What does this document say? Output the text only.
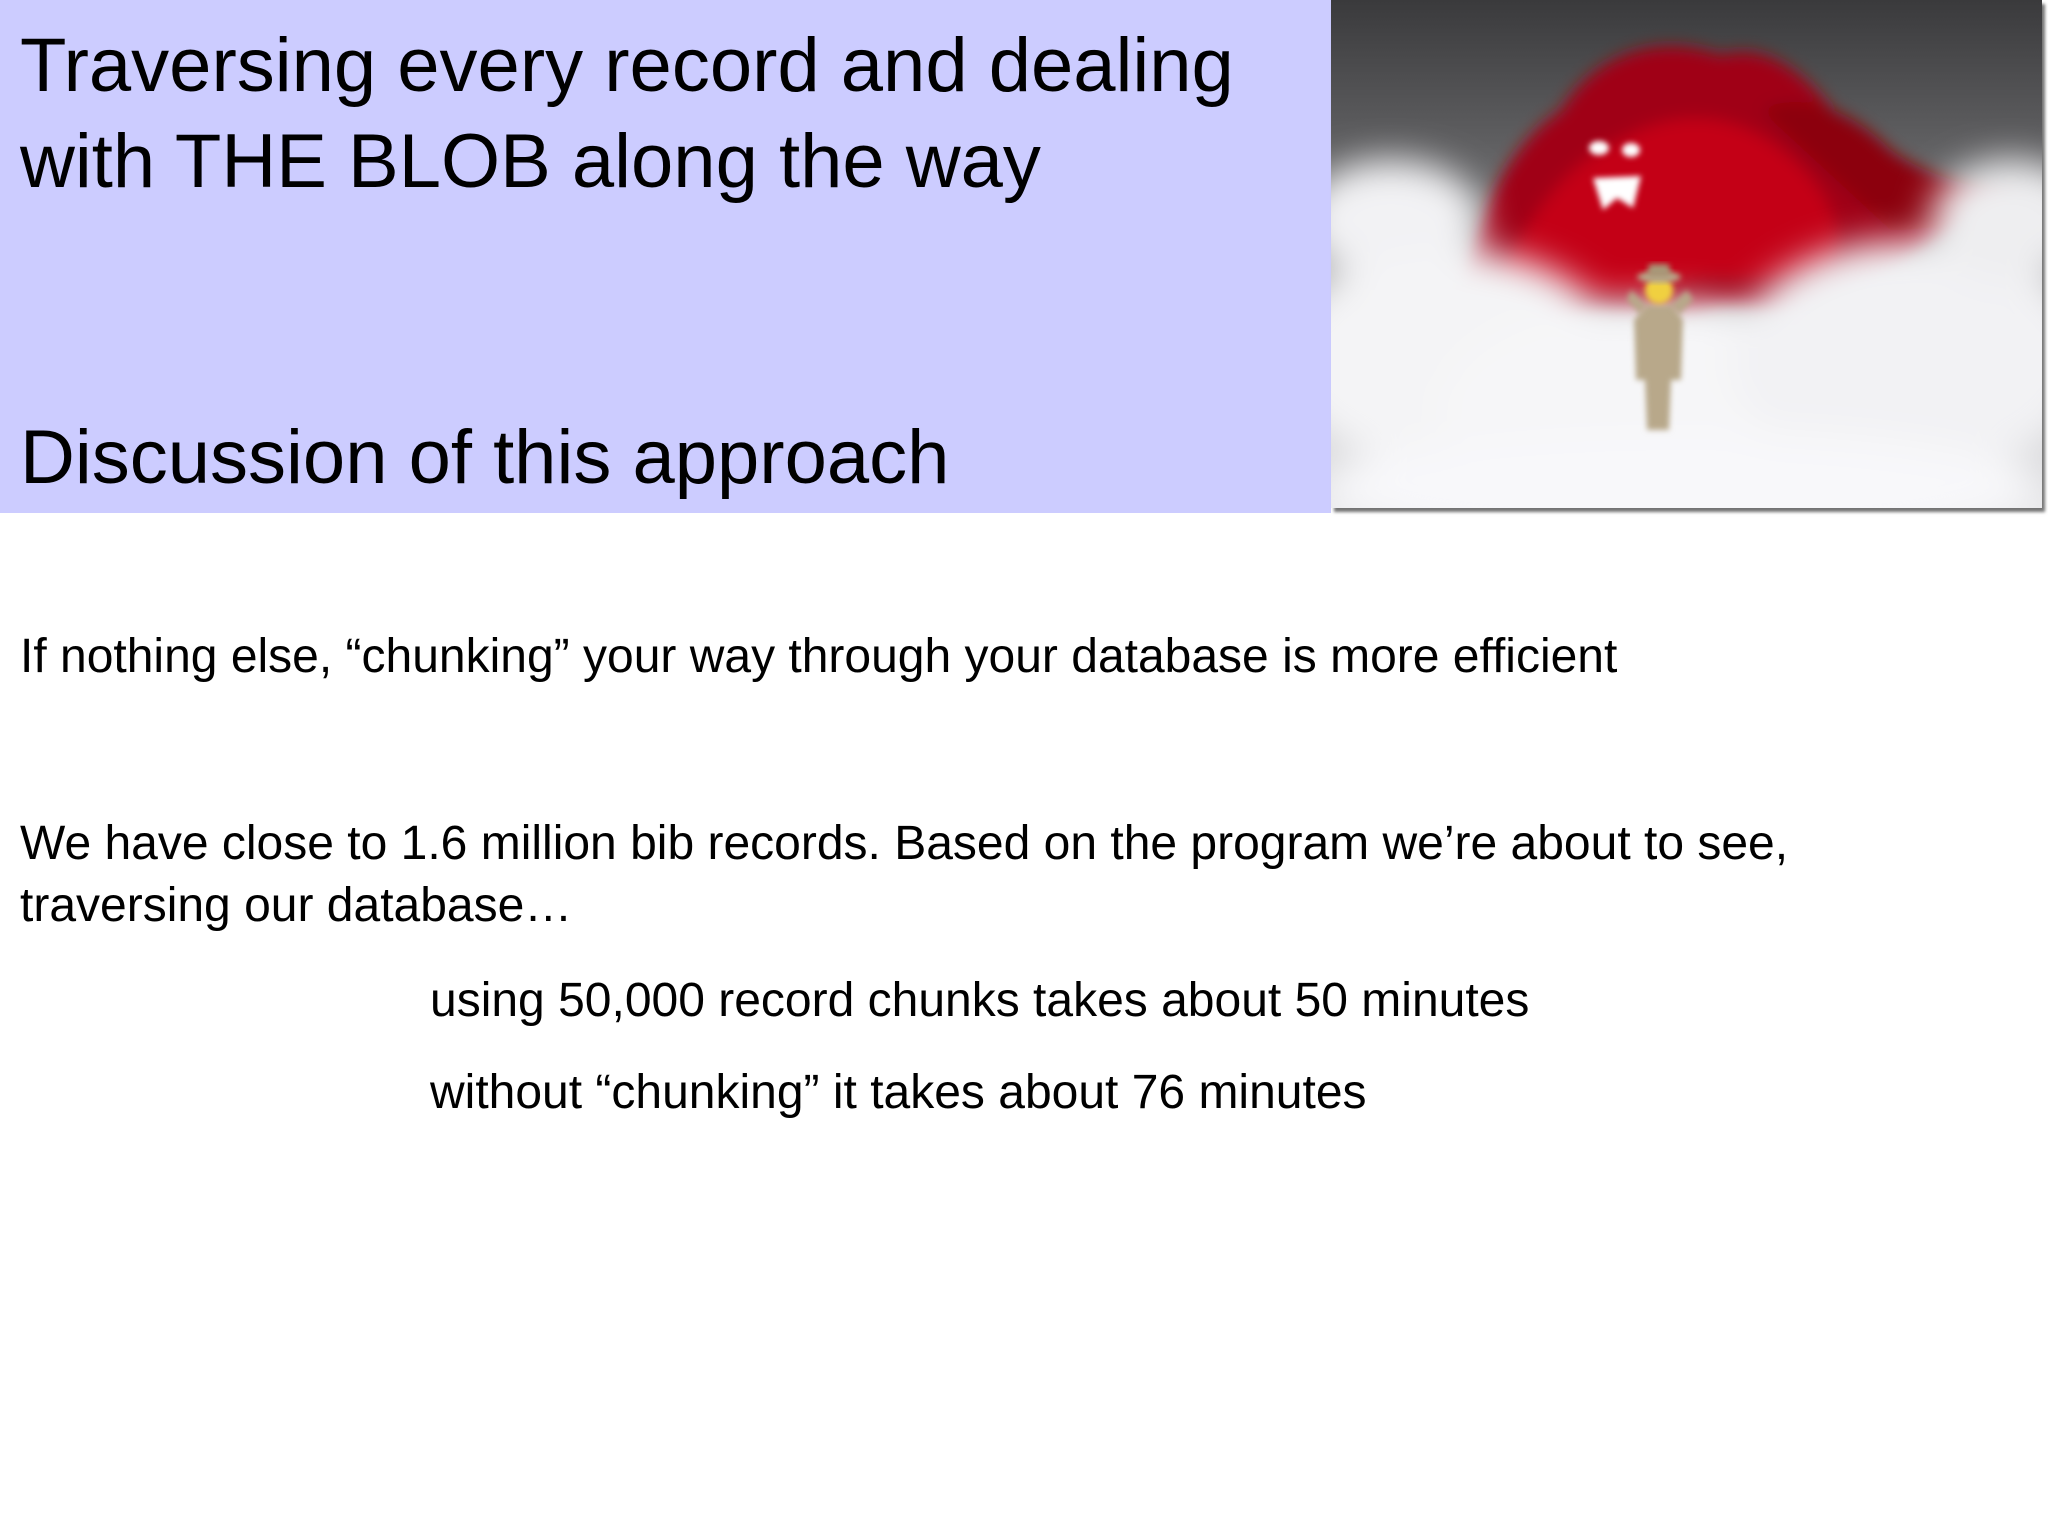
Traversing every record and dealing
with THE BLOB along the way
Discussion of this approach

If nothing else, “chunking” your way through your database is more efficient

We have close to 1.6 million bib records. Based on the program we’re about to see,
traversing our database…

using 50,000 record chunks takes about 50 minutes

without “chunking” it takes about 76 minutes
